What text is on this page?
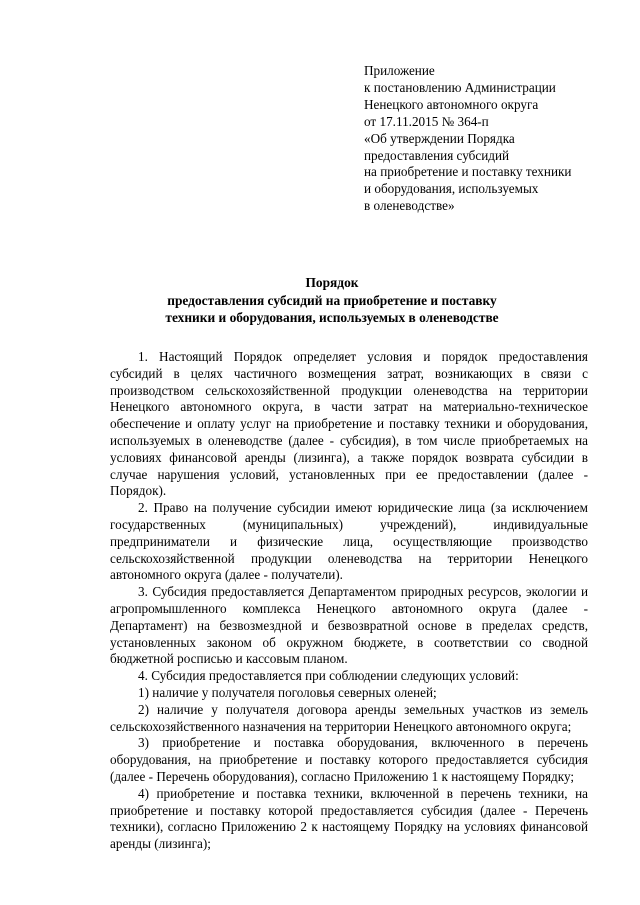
Приложение
к постановлению Администрации
Ненецкого автономного округа
от 17.11.2015 № 364-п
«Об утверждении Порядка
предоставления субсидий
на приобретение и поставку техники
и оборудования, используемых
в оленеводстве»
Порядок
предоставления субсидий на приобретение и поставку
техники и оборудования, используемых в оленеводстве

1. Настоящий Порядок определяет условия и порядок предоставления субсидий в целях частичного возмещения затрат, возникающих в связи с производством сельскохозяйственной продукции оленеводства на территории Ненецкого автономного округа, в части затрат на материально-техническое обеспечение и оплату услуг на приобретение и поставку техники и оборудования, используемых в оленеводстве (далее - субсидия), в том числе приобретаемых на условиях финансовой аренды (лизинга), а также порядок возврата субсидии в случае нарушения условий, установленных при ее предоставлении (далее - Порядок).

2. Право на получение субсидии имеют юридические лица (за исключением государственных (муниципальных) учреждений), индивидуальные предприниматели и физические лица, осуществляющие производство сельскохозяйственной продукции оленеводства на территории Ненецкого автономного округа (далее - получатели).

3. Субсидия предоставляется Департаментом природных ресурсов, экологии и агропромышленного комплекса Ненецкого автономного округа (далее - Департамент) на безвозмездной и безвозвратной основе в пределах средств, установленных законом об окружном бюджете, в соответствии со сводной бюджетной росписью и кассовым планом.

4. Субсидия предоставляется при соблюдении следующих условий:

1) наличие у получателя поголовья северных оленей;

2) наличие у получателя договора аренды земельных участков из земель сельскохозяйственного назначения на территории Ненецкого автономного округа;

3) приобретение и поставка оборудования, включенного в перечень оборудования, на приобретение и поставку которого предоставляется субсидия (далее - Перечень оборудования), согласно Приложению 1 к настоящему Порядку;

4) приобретение и поставка техники, включенной в перечень техники, на приобретение и поставку которой предоставляется субсидия (далее - Перечень техники), согласно Приложению 2 к настоящему Порядку на условиях финансовой аренды (лизинга);
